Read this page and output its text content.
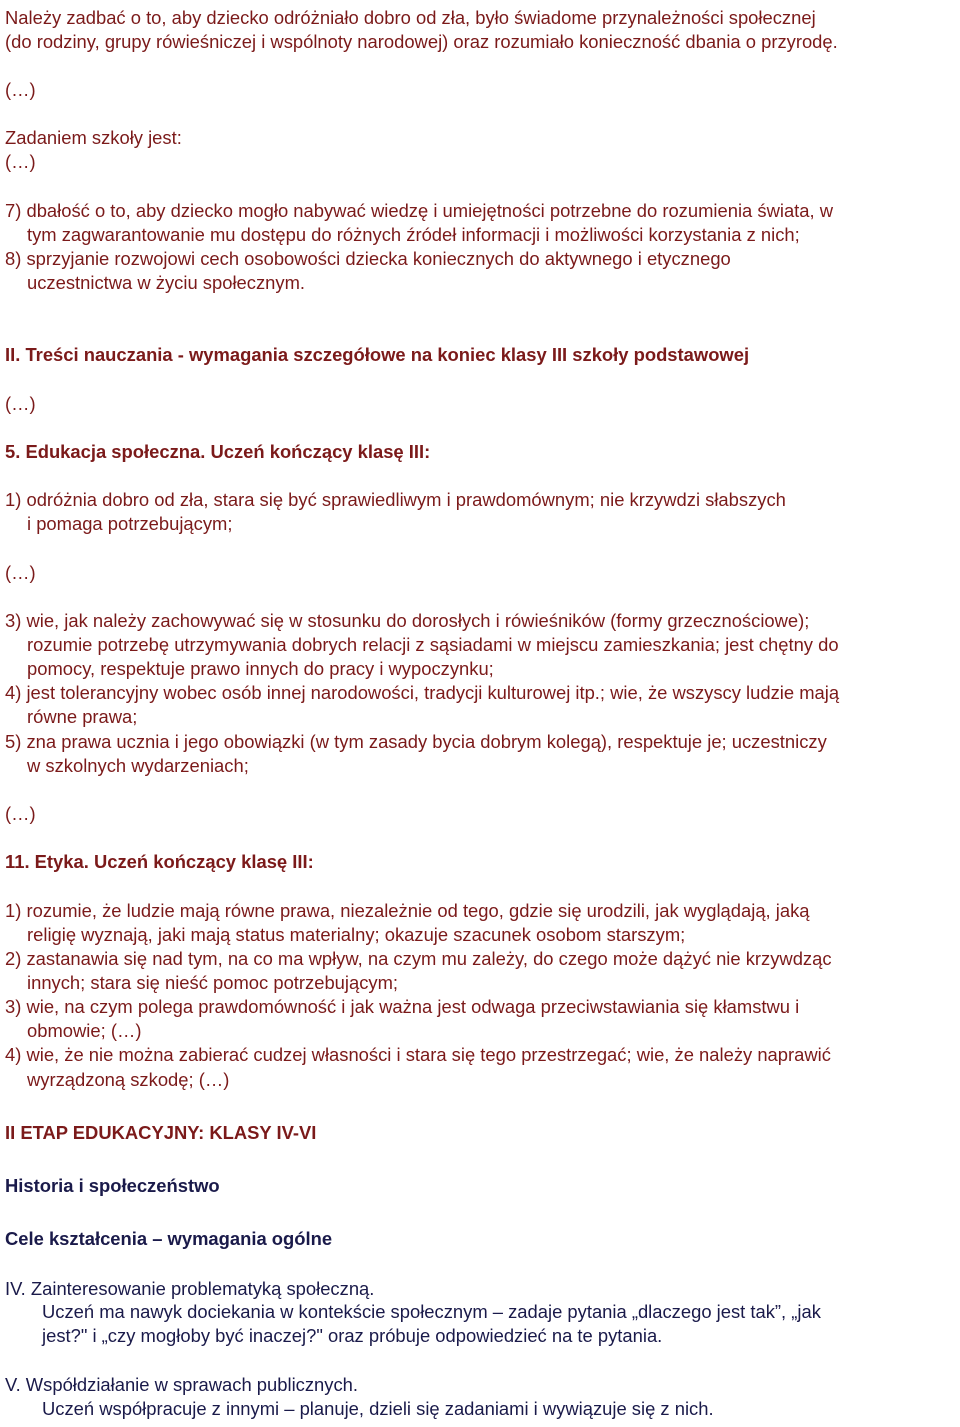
Należy zadbać o to, aby dziecko odróżniało dobro od zła, było świadome przynależności społecznej
(do rodziny, grupy rówieśniczej i wspólnoty narodowej) oraz rozumiało konieczność dbania o przyrodę.
(…)
Zadaniem szkoły jest:
(…)
7) dbałość o to, aby dziecko mogło nabywać wiedzę i umiejętności potrzebne do rozumienia świata, w
tym zagwarantowanie mu dostępu do różnych źródeł informacji i możliwości korzystania z nich;
8) sprzyjanie rozwojowi cech osobowości dziecka koniecznych do aktywnego i etycznego
uczestnictwa w życiu społecznym.
II. Treści nauczania - wymagania szczegółowe na koniec klasy III szkoły podstawowej
(…)
5. Edukacja społeczna. Uczeń kończący klasę III:
1) odróżnia dobro od zła, stara się być sprawiedliwym i prawdomównym; nie krzywdzi słabszych
i pomaga potrzebującym;
(…)
3) wie, jak należy zachowywać się w stosunku do dorosłych i rówieśników (formy grzecznościowe);
rozumie potrzebę utrzymywania dobrych relacji z sąsiadami w miejscu zamieszkania; jest chętny do
pomocy, respektuje prawo innych do pracy i wypoczynku;
4) jest tolerancyjny wobec osób innej narodowości, tradycji kulturowej itp.; wie, że wszyscy ludzie mają
równe prawa;
5) zna prawa ucznia i jego obowiązki (w tym zasady bycia dobrym kolegą), respektuje je; uczestniczy
w szkolnych wydarzeniach;
(…)
11. Etyka. Uczeń kończący klasę III:
1) rozumie, że ludzie mają równe prawa, niezależnie od tego, gdzie się urodzili, jak wyglądają, jaką
religię wyznają, jaki mają status materialny; okazuje szacunek osobom starszym;
2) zastanawia się nad tym, na co ma wpływ, na czym mu zależy, do czego może dążyć nie krzywdząc
innych; stara się nieść pomoc potrzebującym;
3) wie, na czym polega prawdomówność i jak ważna jest odwaga przeciwstawiania się kłamstwu i
obmowie; (…)
4) wie, że nie można zabierać cudzej własności i stara się tego przestrzegać; wie, że należy naprawić
wyrządzoną szkodę; (…)
II ETAP EDUKACYJNY: KLASY IV-VI
Historia i społeczeństwo
Cele kształcenia – wymagania ogólne
IV. Zainteresowanie problematyką społeczną.
Uczeń ma nawyk dociekania w kontekście społecznym – zadaje pytania „dlaczego jest tak”, „jak
jest?" i „czy mogłoby być inaczej?" oraz próbuje odpowiedzieć na te pytania.
V. Współdziałanie w sprawach publicznych.
Uczeń współpracuje z innymi – planuje, dzieli się zadaniami i wywiązuje się z nich.
